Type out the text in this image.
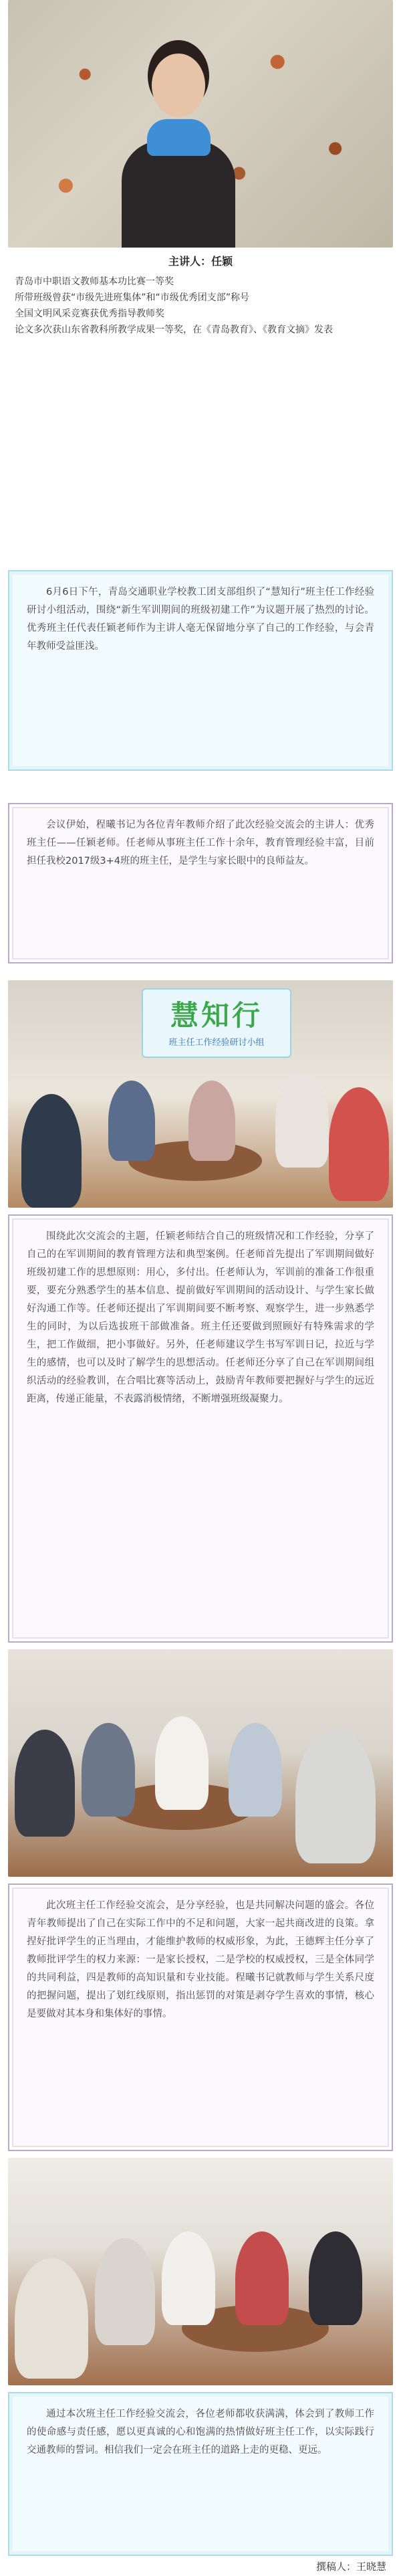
主讲人：任颖
青岛市中职语文教师基本功比赛一等奖
所带班级曾获“市级先进班集体”和“市级优秀团支部”称号
全国文明风采竞赛获优秀指导教师奖
论文多次获山东省教科所教学成果一等奖，在《青岛教育》、《教育文摘》发表

6月6日下午，青岛交通职业学校教工团支部组织了“慧知行”班主任工作经验研讨小组活动，围绕“新生军训期间的班级初建工作”为议题开展了热烈的讨论。优秀班主任代表任颖老师作为主讲人毫无保留地分享了自己的工作经验，与会青年教师受益匪浅。

会议伊始，程曦书记为各位青年教师介绍了此次经验交流会的主讲人：优秀班主任——任颖老师。任老师从事班主任工作十余年，教育管理经验丰富，目前担任我校2017级3+4班的班主任，是学生与家长眼中的良师益友。

慧知行
班主任工作经验研讨小组

围绕此次交流会的主题，任颖老师结合自己的班级情况和工作经验，分享了自己的在军训期间的教育管理方法和典型案例。任老师首先提出了军训期间做好班级初建工作的思想原则：用心，多付出。任老师认为，军训前的准备工作很重要，要充分熟悉学生的基本信息、提前做好军训期间的活动设计、与学生家长做好沟通工作等。任老师还提出了军训期间要不断考察、观察学生，进一步熟悉学生的同时，为以后选拔班干部做准备。班主任还要做到照顾好有特殊需求的学生，把工作做细，把小事做好。另外，任老师建议学生书写军训日记，拉近与学生的感情，也可以及时了解学生的思想活动。任老师还分享了自己在军训期间组织活动的经验教训，在合唱比赛等活动上，鼓励青年教师要把握好与学生的远近距离，传递正能量，不表露消极情绪，不断增强班级凝聚力。

此次班主任工作经验交流会，是分享经验，也是共同解决问题的盛会。各位青年教师提出了自己在实际工作中的不足和问题，大家一起共商改进的良策。拿捏好批评学生的正当理由，才能维护教师的权威形象，为此，王德辉主任分享了教师批评学生的权力来源：一是家长授权，二是学校的权威授权，三是全体同学的共同利益，四是教师的高知识量和专业技能。程曦书记就教师与学生关系尺度的把握问题，提出了划红线原则，指出惩罚的对策是剥夺学生喜欢的事情，核心是要做对其本身和集体好的事情。

通过本次班主任工作经验交流会，各位老师都收获满满，体会到了教师工作的使命感与责任感，愿以更真诚的心和饱满的热情做好班主任工作，以实际践行交通教师的誓词。相信我们一定会在班主任的道路上走的更稳、更远。

撰稿人：王晓慧
